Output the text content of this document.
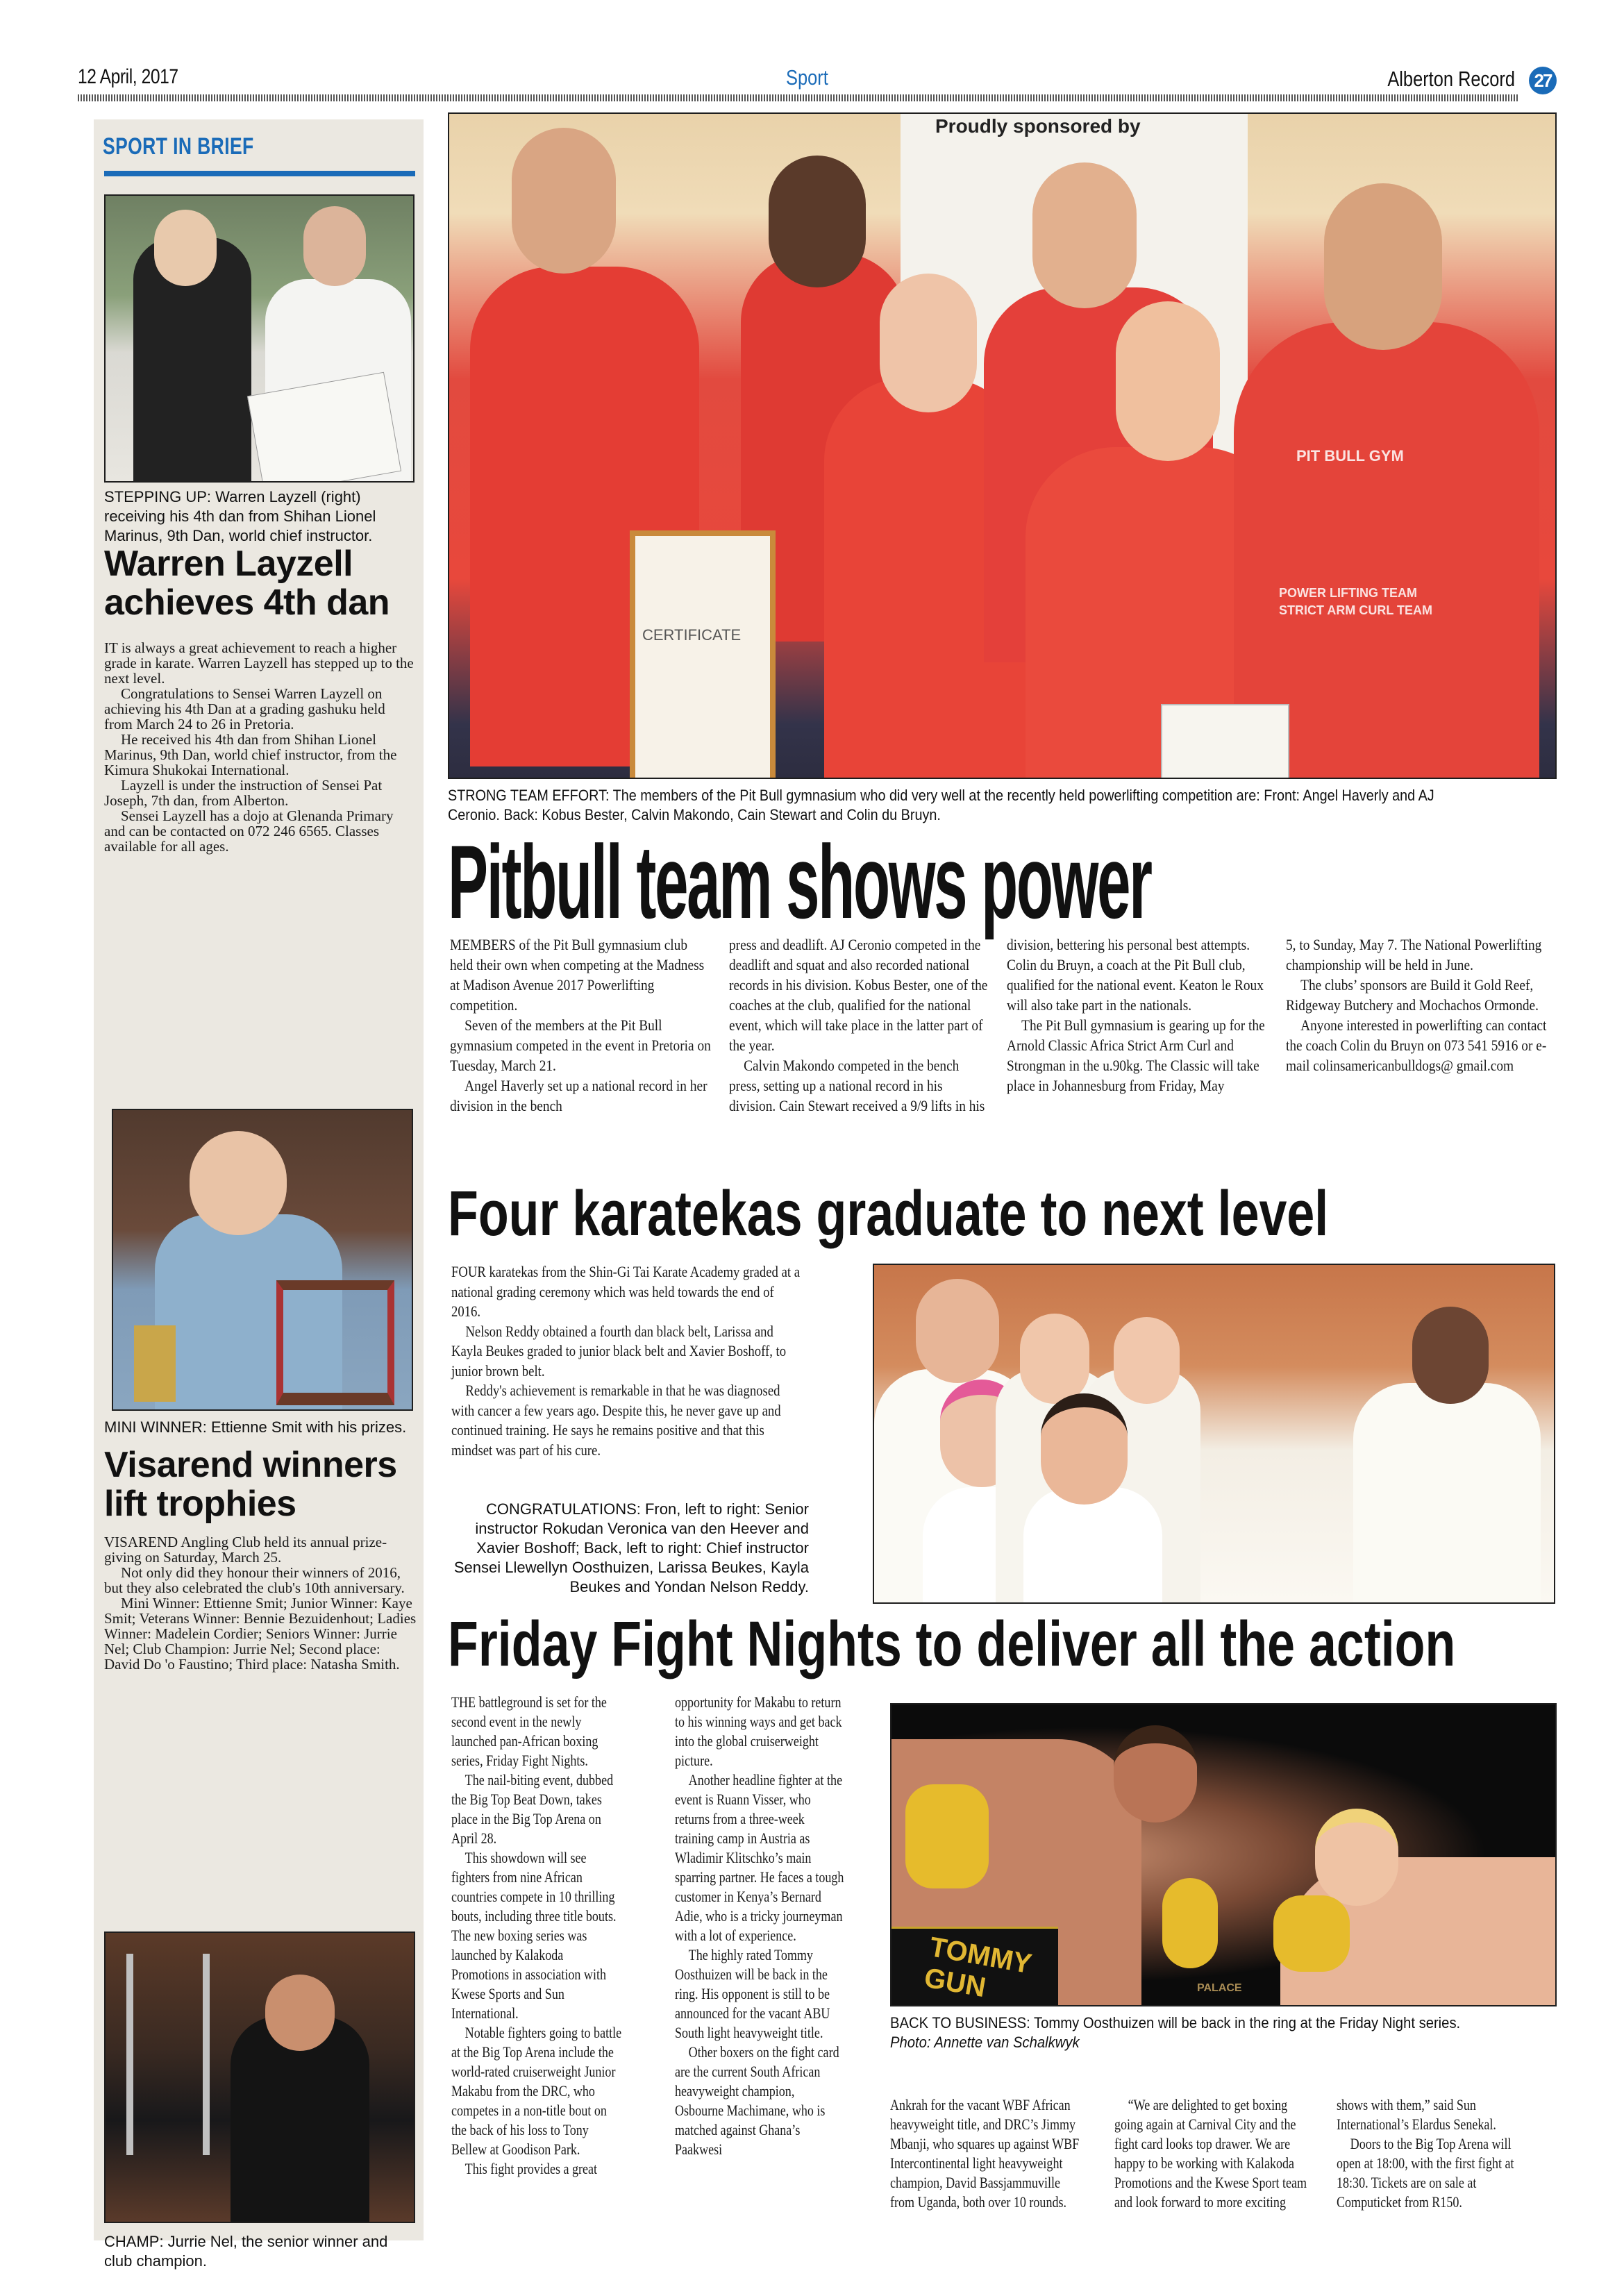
12 April, 2017	Sport	Alberton Record 27
SPORT IN BRIEF
STEPPING UP: Warren Layzell (right) receiving his 4th dan from Shihan Lionel Marinus, 9th Dan, world chief instructor.
Warren Layzell achieves 4th dan

IT is always a great achievement to reach a higher grade in karate. Warren Layzell has stepped up to the next level.

Congratulations to Sensei Warren Layzell on achieving his 4th Dan at a grading gashuku held from March 24 to 26 in Pretoria.

He received his 4th dan from Shihan Lionel Marinus, 9th Dan, world chief instructor, from the Kimura Shukokai International.

Layzell is under the instruction of Sensei Pat Joseph, 7th dan, from Alberton.

Sensei Layzell has a dojo at Glenanda Primary and can be contacted on 072 246 6565. Classes available for all ages.

MINI WINNER: Ettienne Smit with his prizes.
Visarend winners lift trophies

VISAREND Angling Club held its annual prize-giving on Saturday, March 25.

Not only did they honour their winners of 2016, but they also celebrated the club's 10th anniversary.

Mini Winner: Ettienne Smit; Junior Winner: Kaye Smit; Veterans Winner: Bennie Bezuidenhout; Ladies Winner: Madelein Cordier; Seniors Winner: Jurrie Nel; Club Champion: Jurrie Nel; Second place: David Do 'o Faustino; Third place: Natasha Smith.

CHAMP: Jurrie Nel, the senior winner and club champion.
Proudly sponsored by
CERTIFICATE
PIT BULL GYM
POWER LIFTING TEAM
STRICT ARM CURL TEAM
STRONG TEAM EFFORT: The members of the Pit Bull gymnasium who did very well at the recently held powerlifting competition are: Front: Angel Haverly and AJ Ceronio. Back: Kobus Bester, Calvin Makondo, Cain Stewart and Colin du Bruyn.
Pitbull team shows power

MEMBERS of the Pit Bull gymnasium club held their own when competing at the Madness at Madison Avenue 2017 Powerlifting competition.

Seven of the members at the Pit Bull gymnasium competed in the event in Pretoria on Tuesday, March 21.

Angel Haverly set up a national record in her division in the bench

press and deadlift. AJ Ceronio competed in the deadlift and squat and also recorded national records in his division. Kobus Bester, one of the coaches at the club, qualified for the national event, which will take place in the latter part of the year.

Calvin Makondo competed in the bench press, setting up a national record in his division. Cain Stewart received a 9/9 lifts in his

division, bettering his personal best attempts. Colin du Bruyn, a coach at the Pit Bull club, qualified for the national event. Keaton le Roux will also take part in the nationals.

The Pit Bull gymnasium is gearing up for the Arnold Classic Africa Strict Arm Curl and Strongman in the u.90kg. The Classic will take place in Johannesburg from Friday, May

5, to Sunday, May 7. The National Powerlifting championship will be held in June.

The clubs’ sponsors are Build it Gold Reef, Ridgeway Butchery and Mochachos Ormonde.

Anyone interested in powerlifting can contact the coach Colin du Bruyn on 073 541 5916 or e-mail colinsamericanbulldogs@ gmail.com

Four karatekas graduate to next level

FOUR karatekas from the Shin-Gi Tai Karate Academy graded at a national grading ceremony which was held towards the end of 2016.

Nelson Reddy obtained a fourth dan black belt, Larissa and Kayla Beukes graded to junior black belt and Xavier Boshoff, to junior brown belt.

Reddy's achievement is remarkable in that he was diagnosed with cancer a few years ago. Despite this, he never gave up and continued training. He says he remains positive and that this mindset was part of his cure.

CONGRATULATIONS: Fron, left to right: Senior instructor Rokudan Veronica van den Heever and Xavier Boshoff; Back, left to right: Chief instructor Sensei Llewellyn Oosthuizen, Larissa Beukes, Kayla Beukes and Yondan Nelson Reddy.
Friday Fight Nights to deliver all the action

THE battleground is set for the second event in the newly launched pan-African boxing series, Friday Fight Nights.

The nail-biting event, dubbed the Big Top Beat Down, takes place in the Big Top Arena on April 28.

This showdown will see fighters from nine African countries compete in 10 thrilling bouts, including three title bouts. The new boxing series was launched by Kalakoda Promotions in association with Kwese Sports and Sun International.

Notable fighters going to battle at the Big Top Arena include the world-rated cruiserweight Junior Makabu from the DRC, who competes in a non-title bout on the back of his loss to Tony Bellew at Goodison Park.

This fight provides a great

opportunity for Makabu to return to his winning ways and get back into the global cruiserweight picture.

Another headline fighter at the event is Ruann Visser, who returns from a three-week training camp in Austria as Wladimir Klitschko’s main sparring partner. He faces a tough customer in Kenya’s Bernard Adie, who is a tricky journeyman with a lot of experience.

The highly rated Tommy Oosthuizen will be back in the ring. His opponent is still to be announced for the vacant ABU South light heavyweight title.

Other boxers on the fight card are the current South African heavyweight champion, Osbourne Machimane, who is matched against Ghana’s Paakwesi

TOMMY GUN	PALACE
BACK TO BUSINESS: Tommy Oosthuizen will be back in the ring at the Friday Night series. Photo: Annette van Schalkwyk

Ankrah for the vacant WBF African heavyweight title, and DRC’s Jimmy Mbanji, who squares up against WBF Intercontinental light heavyweight champion, David Bassjammuville from Uganda, both over 10 rounds.

“We are delighted to get boxing going again at Carnival City and the fight card looks top drawer. We are happy to be working with Kalakoda Promotions and the Kwese Sport team and look forward to more exciting

shows with them,” said Sun International’s Elardus Senekal.

Doors to the Big Top Arena will open at 18:00, with the first fight at 18:30. Tickets are on sale at Computicket from R150.
